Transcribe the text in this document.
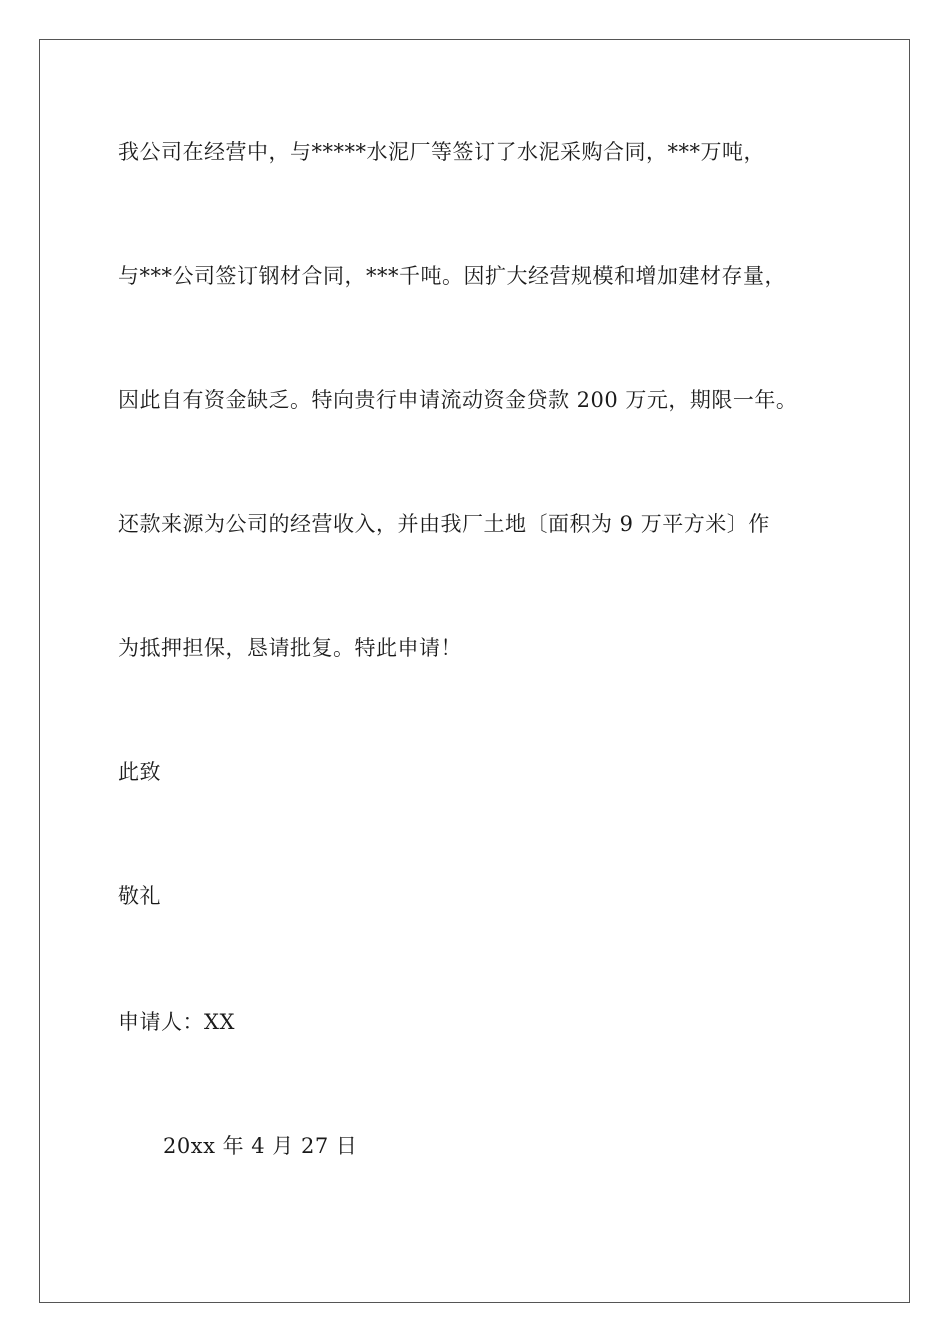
我公司在经营中，与*****水泥厂等签订了水泥采购合同，***万吨，
与***公司签订钢材合同，***千吨。因扩大经营规模和增加建材存量，
因此自有资金缺乏。特向贵行申请流动资金贷款 200 万元，期限一年。
还款来源为公司的经营收入，并由我厂土地〔面积为 9 万平方米〕作
为抵押担保，恳请批复。特此申请！
此致
敬礼
申请人：XX
20xx 年 4 月 27 日
